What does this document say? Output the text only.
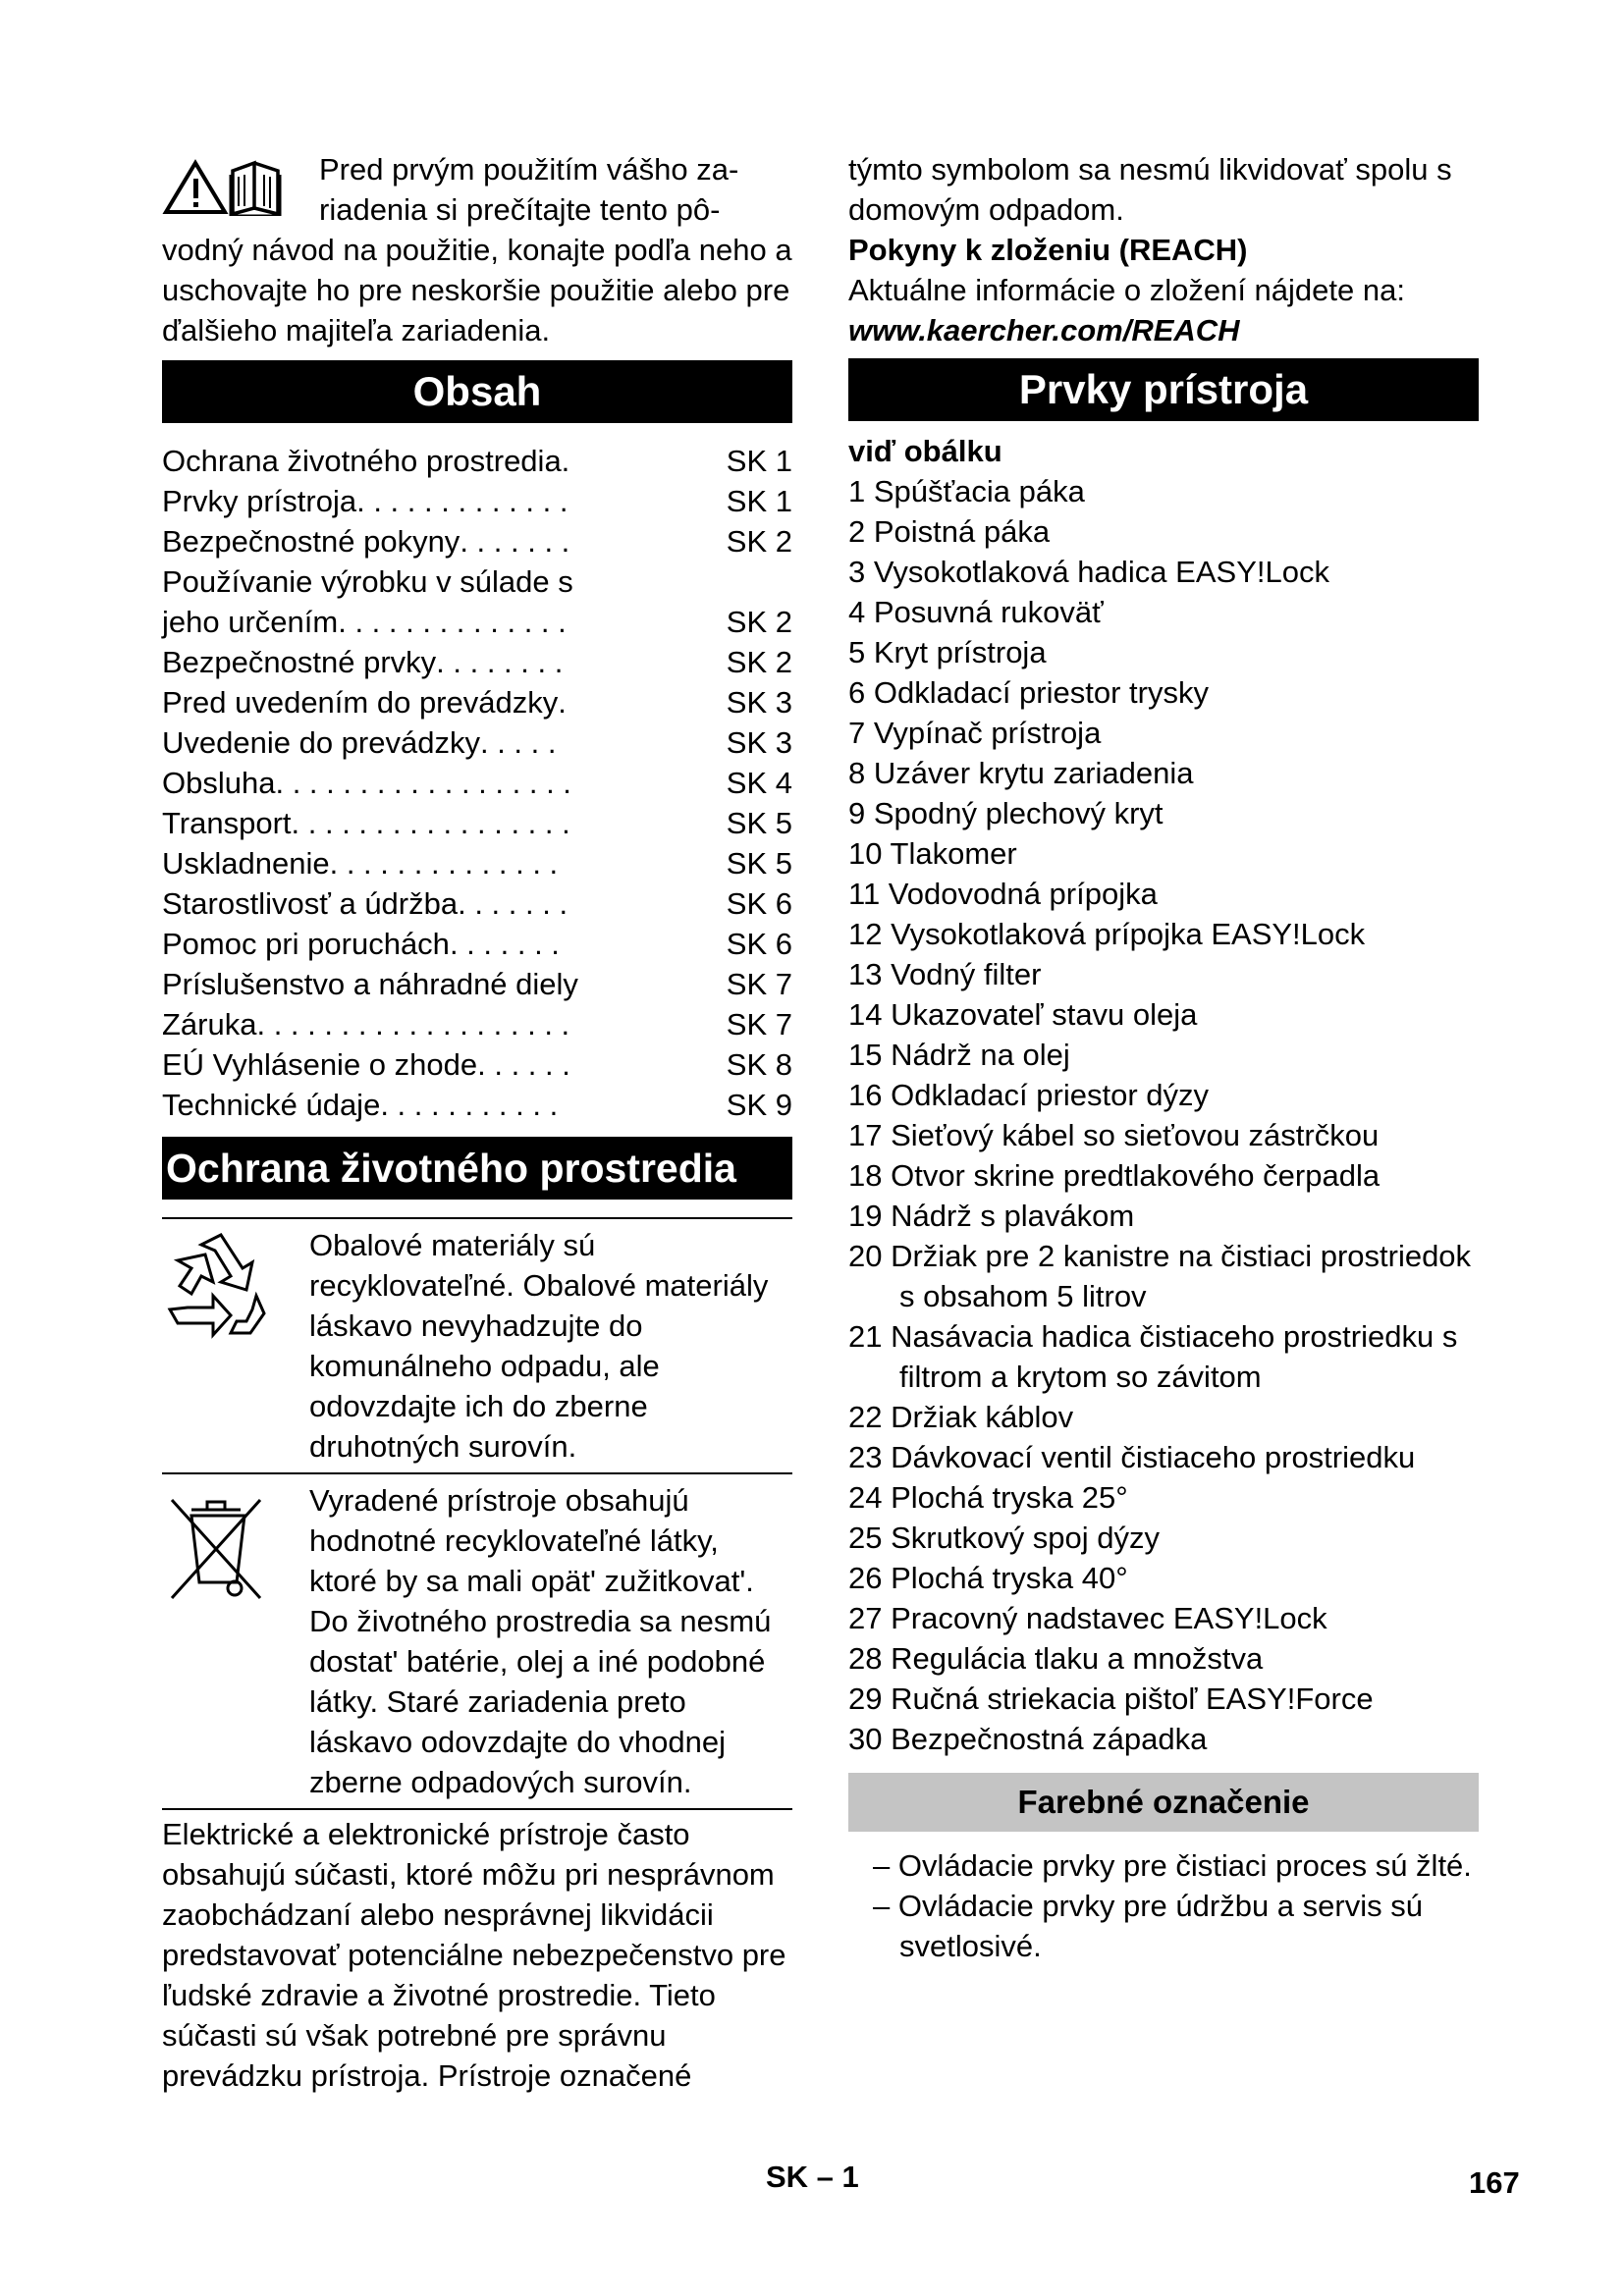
Pred prvým použitím vášho za-

riadenia si prečítajte tento pô-

vodný návod na použitie, konajte podľa neho a uschovajte ho pre neskoršie použitie alebo pre ďalšieho majiteľa zariadenia.

Obsah
Ochrana životného prostredia.	SK 1
Prvky prístroja . . . . . . . . . . . . .	SK 1
Bezpečnostné pokyny . . . . . . .	SK 2
Používanie výrobku v súlade s
jeho určením . . . . . . . . . . . . . .	SK 2
Bezpečnostné prvky . . . . . . . .	SK 2
Pred uvedením do prevádzky .	SK 3
Uvedenie do prevádzky . . . . .	SK 3
Obsluha . . . . . . . . . . . . . . . . . .	SK 4
Transport . . . . . . . . . . . . . . . . .	SK 5
Uskladnenie . . . . . . . . . . . . . .	SK 5
Starostlivosť a údržba . . . . . . .	SK 6
Pomoc pri poruchách . . . . . . .	SK 6
Príslušenstvo a náhradné diely	SK 7
Záruka . . . . . . . . . . . . . . . . . . .	SK 7
EÚ Vyhlásenie o zhode . . . . . .	SK 8
Technické údaje . . . . . . . . . . .	SK 9
Ochrana životného prostredia

Obalové materiály sú recyklovateľné. Obalové materiály láskavo nevyhadzujte do komunálneho odpadu, ale odovzdajte ich do zberne druhotných surovín.

Vyradené prístroje obsahujú hodnotné recyklovateľné látky, ktoré by sa mali opät' zužitkovat'. Do životného prostredia sa nesmú dostat' batérie, olej a iné podobné látky. Staré zariadenia preto láskavo odovzdajte do vhodnej zberne odpadových surovín.

Elektrické a elektronické prístroje často obsahujú súčasti, ktoré môžu pri nesprávnom zaobchádzaní alebo nesprávnej likvidácii predstavovať potenciálne nebezpečenstvo pre ľudské zdravie a životné prostredie. Tieto súčasti sú však potrebné pre správnu prevádzku prístroja. Prístroje označené

týmto symbolom sa nesmú likvidovať spolu s domovým odpadom.

Pokyny k zloženiu (REACH)

Aktuálne informácie o zložení nájdete na:

www.kaercher.com/REACH

Prvky prístroja

viď obálku

1 Spúšťacia páka
2 Poistná páka
3 Vysokotlaková hadica EASY!Lock
4 Posuvná rukoväť
5 Kryt prístroja
6 Odkladací priestor trysky
7 Vypínač prístroja
8 Uzáver krytu zariadenia
9 Spodný plechový kryt
10 Tlakomer
11 Vodovodná prípojka
12 Vysokotlaková prípojka EASY!Lock
13 Vodný filter
14 Ukazovateľ stavu oleja
15 Nádrž na olej
16 Odkladací priestor dýzy
17 Sieťový kábel so sieťovou zástrčkou
18 Otvor skrine predtlakového čerpadla
19 Nádrž s plavákom
20 Držiak pre 2 kanistre na čistiaci prostriedok s obsahom 5 litrov
21 Nasávacia hadica čistiaceho prostriedku s filtrom a krytom so závitom
22 Držiak káblov
23 Dávkovací ventil čistiaceho prostriedku
24 Plochá tryska 25°
25 Skrutkový spoj dýzy
26 Plochá tryska 40°
27 Pracovný nadstavec EASY!Lock
28 Regulácia tlaku a množstva
29 Ručná striekacia pištoľ EASY!Force
30 Bezpečnostná západka
Farebné označenie
– Ovládacie prvky pre čistiaci proces sú žlté.
– Ovládacie prvky pre údržbu a servis sú svetlosivé.
SK – 1	167
